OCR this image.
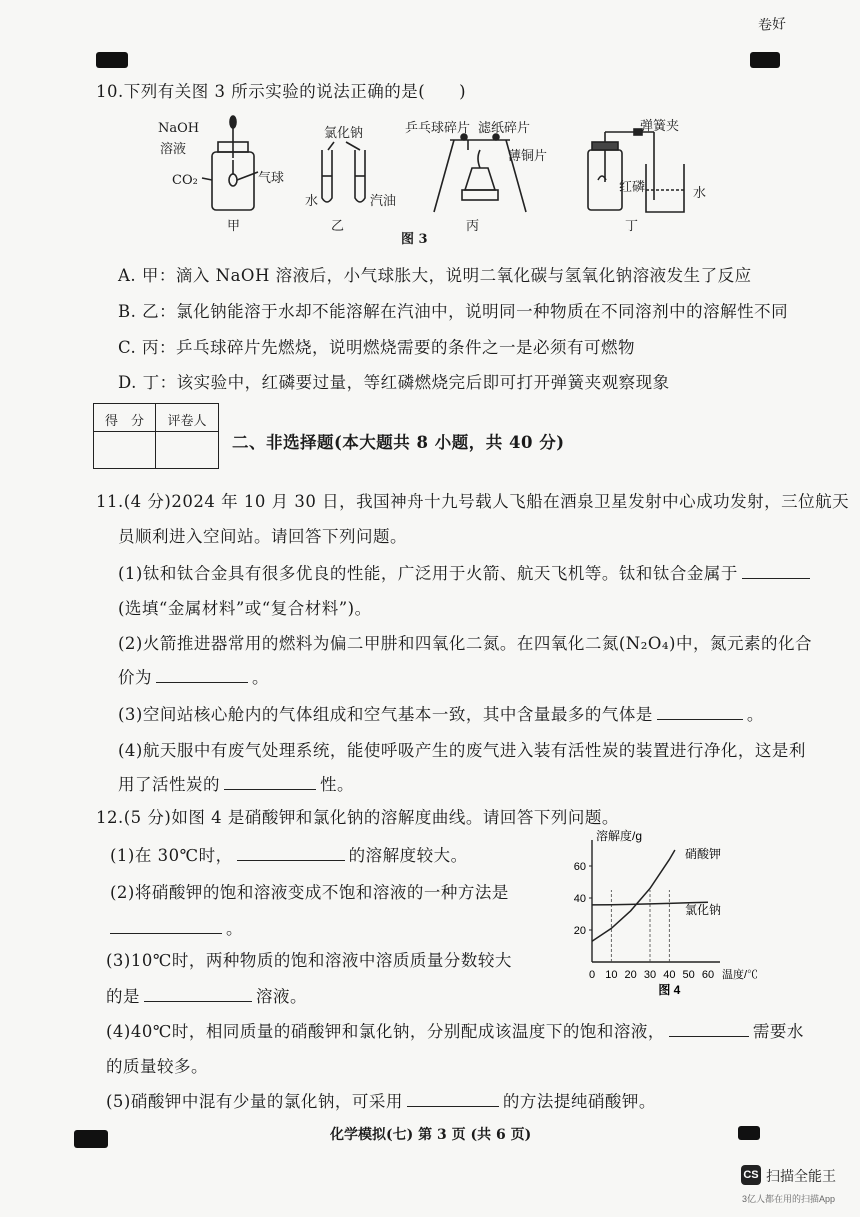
卷好
10.下列有关图 3 所示实验的说法正确的是(　　)
NaOH
溶液
CO₂	气球
甲
氯化钠
水	汽油
乙
乒乓球碎片 滤纸碎片
薄铜片
丙
弹簧夹
红磷	水
丁
图 3
A. 甲：滴入 NaOH 溶液后，小气球胀大，说明二氧化碳与氢氧化钠溶液发生了反应
B. 乙：氯化钠能溶于水却不能溶解在汽油中，说明同一种物质在不同溶剂中的溶解性不同
C. 丙：乒乓球碎片先燃烧，说明燃烧需要的条件之一是必须有可燃物
D. 丁：该实验中，红磷要过量，等红磷燃烧完后即可打开弹簧夹观察现象
得　分	评卷人
二、非选择题(本大题共 8 小题，共 40 分)
11.(4 分)2024 年 10 月 30 日，我国神舟十九号载人飞船在酒泉卫星发射中心成功发射，三位航天
员顺利进入空间站。请回答下列问题。
(1)钛和钛合金具有很多优良的性能，广泛用于火箭、航天飞机等。钛和钛合金属于
(选填“金属材料”或“复合材料”)。
(2)火箭推进器常用的燃料为偏二甲肼和四氧化二氮。在四氧化二氮(N₂O₄)中，氮元素的化合
价为	。
(3)空间站核心舱内的气体组成和空气基本一致，其中含量最多的气体是	。
(4)航天服中有废气处理系统，能使呼吸产生的废气进入装有活性炭的装置进行净化，这是利
用了活性炭的	性。
12.(5 分)如图 4 是硝酸钾和氯化钠的溶解度曲线。请回答下列问题。
(1)在 30℃时，	的溶解度较大。
(2)将硝酸钾的饱和溶液变成不饱和溶液的一种方法是
。
(3)10℃时，两种物质的饱和溶液中溶质质量分数较大
的是	溶液。
(4)40℃时，相同质量的硝酸钾和氯化钠，分别配成该温度下的饱和溶液，	需要水
的质量较多。
(5)硝酸钾中混有少量的氯化钠，可采用	的方法提纯硝酸钾。
溶解度/g
温度/℃
0 10 20 30 40 50 60
20
40
60
硝酸钾
氯化钠
图 4
化学模拟(七) 第 3 页 (共 6 页)
CS 扫描全能王
3亿人都在用的扫描App
